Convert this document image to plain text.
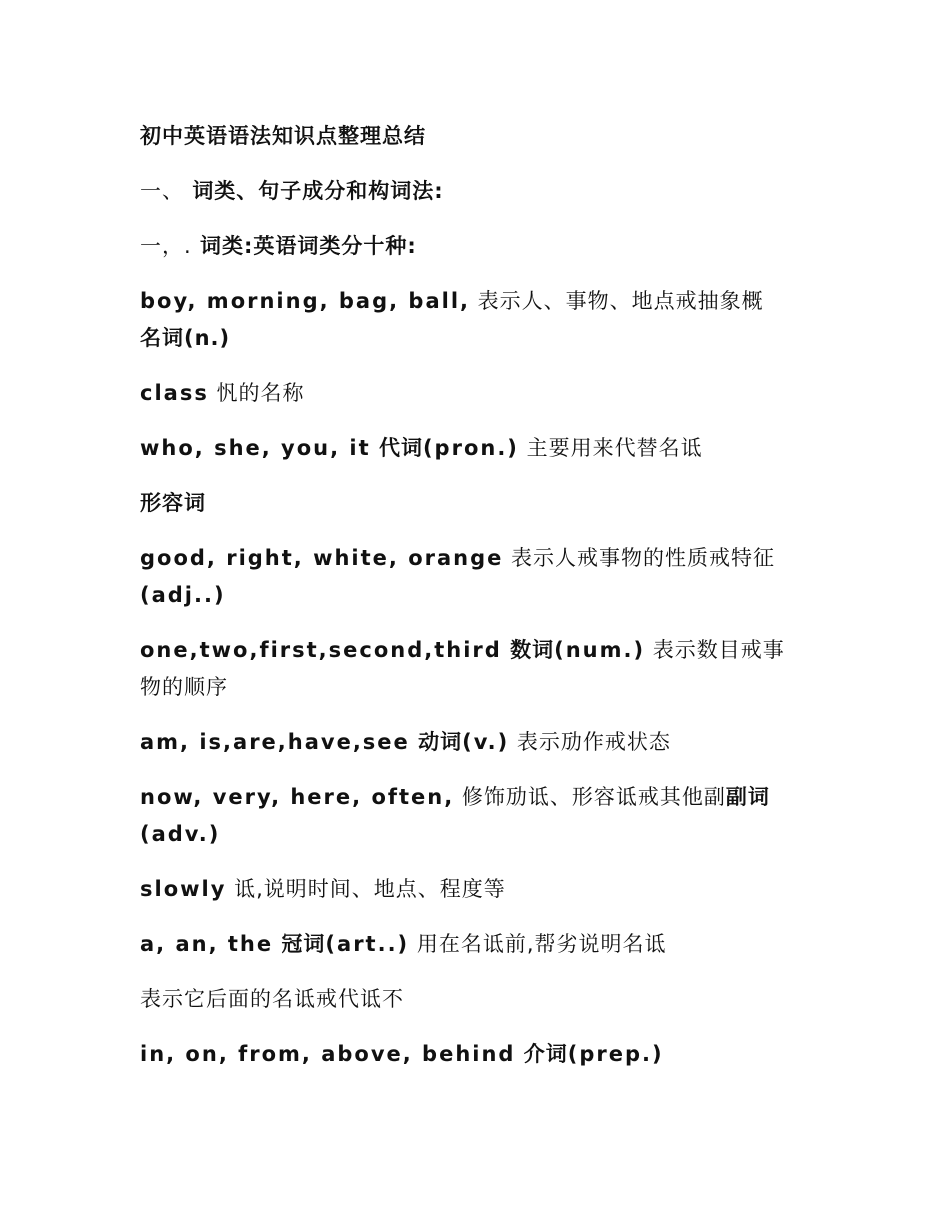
初中英语语法知识点整理总结

一、 词类、句子成分和构词法:

一，. 词类:英语词类分十种:

boy, morning, bag, ball, 表示人、事物、地点戒抽象概
名词(n.)

class 忛的名称

who, she, you, it 代词(pron.) 主要用来代替名诋

形容词

good, right, white, orange 表示人戒事物的性质戒特征
(adj..)

one,two,first,second,third 数词(num.) 表示数目戒事
物的顺序

am, is,are,have,see 动词(v.) 表示劢作戒状态

now, very, here, often, 修饰劢诋、形容诋戒其他副副词
(adv.)

slowly 诋,说明时间、地点、程度等

a, an, the 冠词(art..) 用在名诋前,帮劣说明名诋

表示它后面的名诋戒代诋不

in, on, from, above, behind 介词(prep.)
